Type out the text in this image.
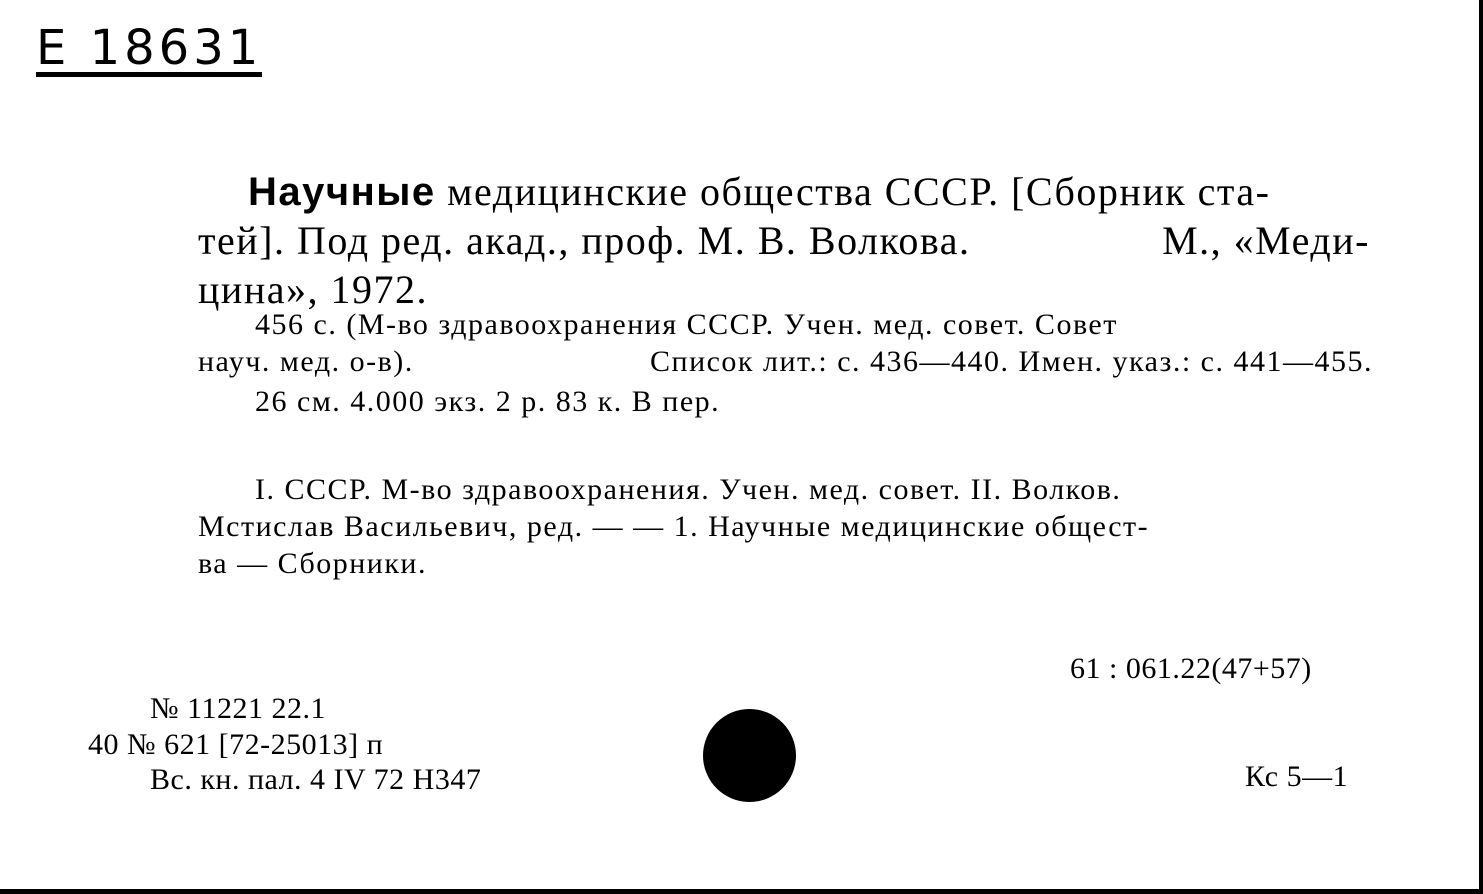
E 18631
Научные медицинские общества СССР. [Сборник ста-
тей]. Под ред. акад., проф. М. В. Волкова.	М., «Меди-
цина», 1972.
456 с. (М-во здравоохранения СССР. Учен. мед. совет. Совет
науч. мед. о-в).	Список лит.: с. 436—440. Имен. указ.: с. 441—455.
26 см. 4.000 экз. 2 р. 83 к. В пер.
I. СССР. М-во здравоохранения. Учен. мед. совет. II. Волков.
Мстислав Васильевич, ред. — — 1. Научные медицинские общест-
ва — Сборники.
61 : 061.22(47+57)
№ 11221 22.1
40 № 621 [72-25013] п
Вс. кн. пал. 4 IV 72 Н347	Кс 5—1
